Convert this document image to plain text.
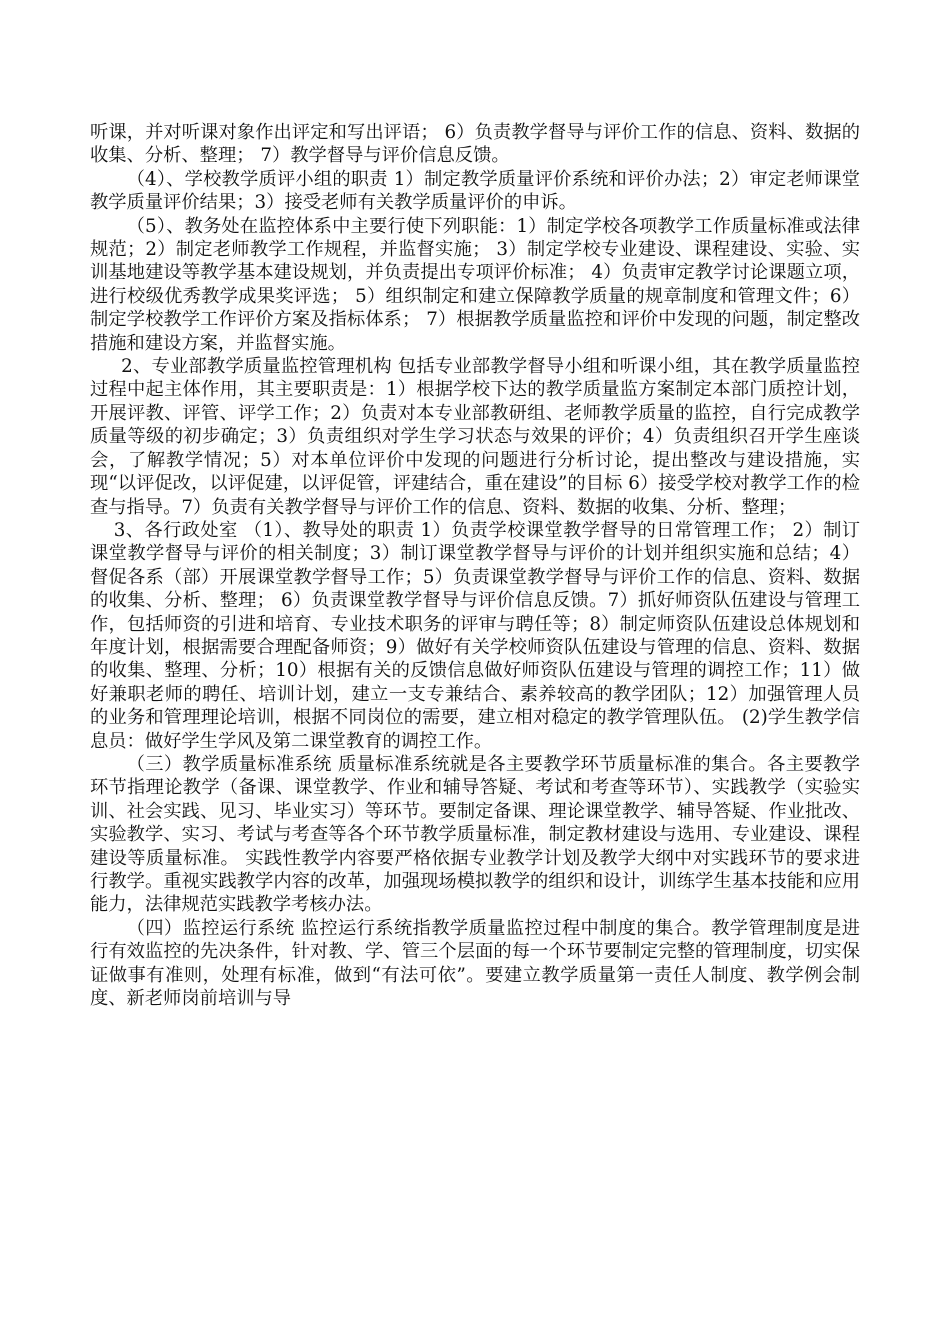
听课，并对听课对象作出评定和写出评语； 6）负责教学督导与评价工作的信息、资料、数据的收集、分析、整理； 7）教学督导与评价信息反馈。

（4）、学校教学质评小组的职责 1）制定教学质量评价系统和评价办法；2）审定老师课堂教学质量评价结果；3）接受老师有关教学质量评价的申诉。

（5）、教务处在监控体系中主要行使下列职能：1）制定学校各项教学工作质量标准或法律规范；2）制定老师教学工作规程，并监督实施； 3）制定学校专业建设、课程建设、实验、实训基地建设等教学基本建设规划，并负责提出专项评价标准； 4）负责审定教学讨论课题立项，进行校级优秀教学成果奖评选； 5）组织制定和建立保障教学质量的规章制度和管理文件；6）制定学校教学工作评价方案及指标体系； 7）根据教学质量监控和评价中发现的问题，制定整改措施和建设方案，并监督实施。

2、专业部教学质量监控管理机构 包括专业部教学督导小组和听课小组，其在教学质量监控过程中起主体作用，其主要职责是：1）根据学校下达的教学质量监方案制定本部门质控计划，开展评教、评管、评学工作；2）负责对本专业部教研组、老师教学质量的监控，自行完成教学质量等级的初步确定；3）负责组织对学生学习状态与效果的评价；4）负责组织召开学生座谈会，了解教学情况；5）对本单位评价中发现的问题进行分析讨论，提出整改与建设措施，实现“以评促改，以评促建，以评促管，评建结合，重在建设”的目标 6）接受学校对教学工作的检查与指导。7）负责有关教学督导与评价工作的信息、资料、数据的收集、分析、整理；

3、各行政处室 （1）、教导处的职责 1）负责学校课堂教学督导的日常管理工作； 2）制订课堂教学督导与评价的相关制度；3）制订课堂教学督导与评价的计划并组织实施和总结；4）督促各系（部）开展课堂教学督导工作；5）负责课堂教学督导与评价工作的信息、资料、数据的收集、分析、整理； 6）负责课堂教学督导与评价信息反馈。7）抓好师资队伍建设与管理工作，包括师资的引进和培育、专业技术职务的评审与聘任等；8）制定师资队伍建设总体规划和年度计划，根据需要合理配备师资；9）做好有关学校师资队伍建设与管理的信息、资料、数据的收集、整理、分析；10）根据有关的反馈信息做好师资队伍建设与管理的调控工作；11）做好兼职老师的聘任、培训计划，建立一支专兼结合、素养较高的教学团队；12）加强管理人员的业务和管理理论培训，根据不同岗位的需要，建立相对稳定的教学管理队伍。 (2)学生教学信息员：做好学生学风及第二课堂教育的调控工作。

（三）教学质量标准系统 质量标准系统就是各主要教学环节质量标准的集合。各主要教学环节指理论教学（备课、课堂教学、作业和辅导答疑、考试和考查等环节）、实践教学（实验实训、社会实践、见习、毕业实习）等环节。要制定备课、理论课堂教学、辅导答疑、作业批改、实验教学、实习、考试与考查等各个环节教学质量标准，制定教材建设与选用、专业建设、课程建设等质量标准。 实践性教学内容要严格依据专业教学计划及教学大纲中对实践环节的要求进行教学。重视实践教学内容的改革，加强现场模拟教学的组织和设计，训练学生基本技能和应用能力，法律规范实践教学考核办法。

（四）监控运行系统 监控运行系统指教学质量监控过程中制度的集合。教学管理制度是进行有效监控的先决条件，针对教、学、管三个层面的每一个环节要制定完整的管理制度，切实保证做事有准则，处理有标准，做到“有法可依”。要建立教学质量第一责任人制度、教学例会制度、新老师岗前培训与导
